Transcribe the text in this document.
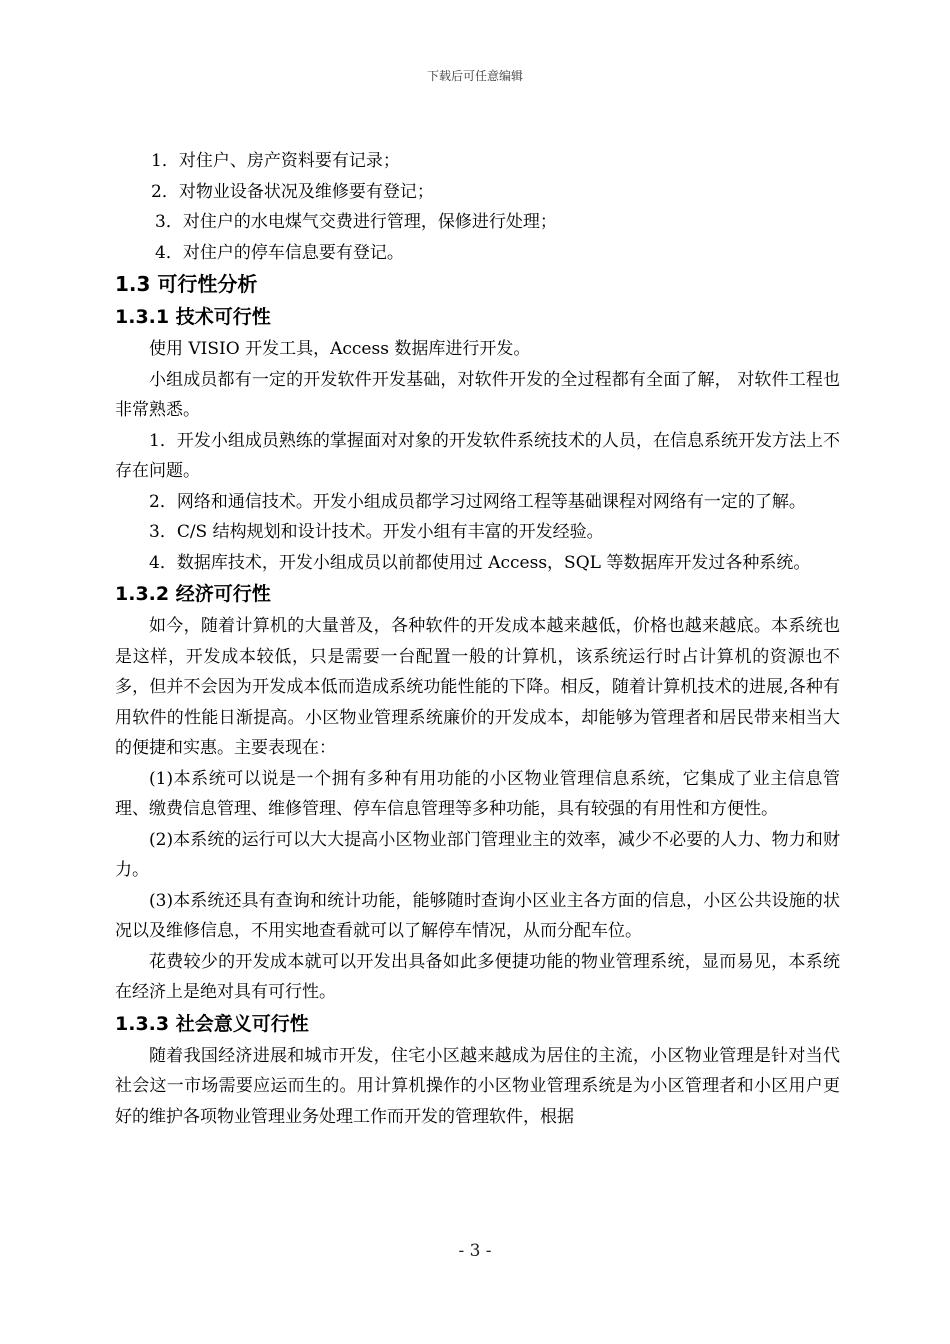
下载后可任意编辑

1．对住户、房产资料要有记录；

2．对物业设备状况及维修要有登记；

3．对住户的水电煤气交费进行管理，保修进行处理；

4．对住户的停车信息要有登记。

1.3 可行性分析
1.3.1 技术可行性

使用 VISIO 开发工具，Access 数据库进行开发。

小组成员都有一定的开发软件开发基础，对软件开发的全过程都有全面了解， 对软件工程也非常熟悉。

1．开发小组成员熟练的掌握面对对象的开发软件系统技术的人员，在信息系统开发方法上不存在问题。

2．网络和通信技术。开发小组成员都学习过网络工程等基础课程对网络有一定的了解。

3．C/S 结构规划和设计技术。开发小组有丰富的开发经验。

4．数据库技术，开发小组成员以前都使用过 Access，SQL 等数据库开发过各种系统。

1.3.2 经济可行性

如今，随着计算机的大量普及，各种软件的开发成本越来越低，价格也越来越底。本系统也是这样，开发成本较低，只是需要一台配置一般的计算机，该系统运行时占计算机的资源也不多，但并不会因为开发成本低而造成系统功能性能的下降。相反，随着计算机技术的进展,各种有用软件的性能日渐提高。小区物业管理系统廉价的开发成本，却能够为管理者和居民带来相当大的便捷和实惠。主要表现在：

(1)本系统可以说是一个拥有多种有用功能的小区物业管理信息系统，它集成了业主信息管理、缴费信息管理、维修管理、停车信息管理等多种功能，具有较强的有用性和方便性。

(2)本系统的运行可以大大提高小区物业部门管理业主的效率，减少不必要的人力、物力和财力。

(3)本系统还具有查询和统计功能，能够随时查询小区业主各方面的信息，小区公共设施的状况以及维修信息，不用实地查看就可以了解停车情况，从而分配车位。

花费较少的开发成本就可以开发出具备如此多便捷功能的物业管理系统，显而易见，本系统在经济上是绝对具有可行性。

1.3.3 社会意义可行性

随着我国经济进展和城市开发，住宅小区越来越成为居住的主流，小区物业管理是针对当代社会这一市场需要应运而生的。用计算机操作的小区物业管理系统是为小区管理者和小区用户更好的维护各项物业管理业务处理工作而开发的管理软件，根据

- 3 -
